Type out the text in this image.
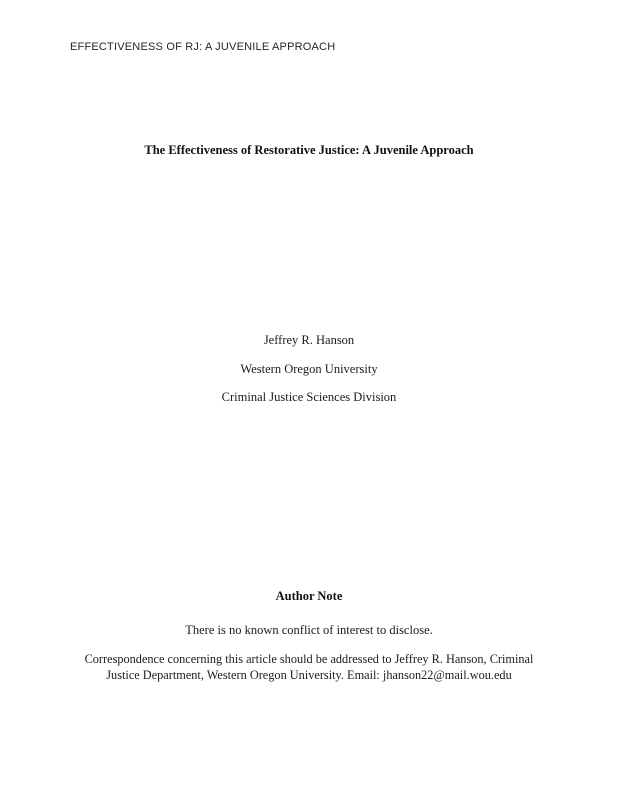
EFFECTIVENESS OF RJ: A JUVENILE APPROACH
The Effectiveness of Restorative Justice: A Juvenile Approach
Jeffrey R. Hanson
Western Oregon University
Criminal Justice Sciences Division
Author Note
There is no known conflict of interest to disclose.
Correspondence concerning this article should be addressed to Jeffrey R. Hanson, Criminal
Justice Department, Western Oregon University. Email: jhanson22@mail.wou.edu
